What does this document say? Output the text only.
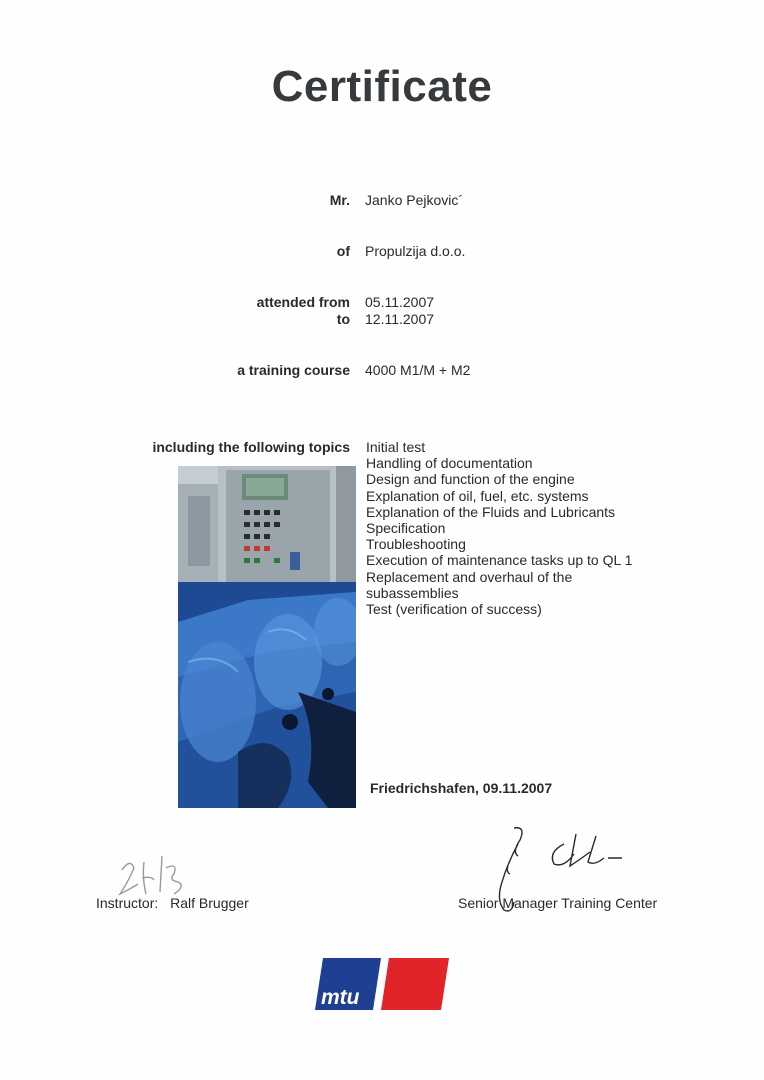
Certificate
Mr. Janko Pejkovic´
of Propulzija d.o.o.
attended from 05.11.2007
to 12.11.2007
a training course 4000 M1/M + M2
including the following topics Initial test
Handling of documentation
Design and function of the engine
Explanation of oil, fuel, etc. systems
Explanation of the Fluids and Lubricants
Specification
Troubleshooting
Execution of maintenance tasks up to QL 1
Replacement and overhaul of the
subassemblies
Test (verification of success)
Friedrichshafen, 09.11.2007
Instructor: Ralf Brugger	Senior Manager Training Center
mtu
